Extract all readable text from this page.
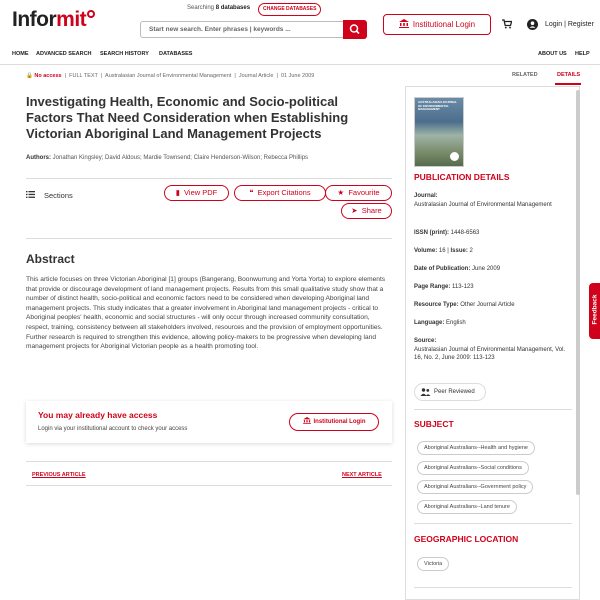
Informit	Searching 8 databases	CHANGE DATABASES
Start new search. Enter phrases | keywords ...
Institutional Login	Login | Register
HOME ADVANCED SEARCH SEARCH HISTORY DATABASES	ABOUT US HELP
🔒 No access  |  FULL TEXT  |  Australasian Journal of Environmental Management  |  Journal Article  |  01 June 2009
Investigating Health, Economic and Socio-political Factors That Need Consideration when Establishing Victorian Aboriginal Land Management Projects
Authors: Jonathan Kingsley; David Aldous; Mardie Townsend; Claire Henderson-Wilson; Rebecca Phillips
Sections	▮ View PDF	❝ Export Citations	★ Favourite
➤ Share
Abstract
This article focuses on three Victorian Aboriginal [1] groups (Bangerang, Boonwurrung and Yorta Yorta) to explore elements that provide or discourage development of land management projects. Results from this small qualitative study show that a number of distinct health, socio-political and economic factors need to be considered when developing Aboriginal land management projects. This study indicates that a greater involvement in Aboriginal land management projects - critical to Aboriginal peoples' health, economic and social structures - will only occur through increased community consultation, respect, training, consistency between all stakeholders involved, resources and the provision of employment opportunities. Further research is required to strengthen this evidence, allowing policy-makers to be progressive when developing land management projects for Aboriginal Victorian people as a health promoting tool.
You may already have access
Login via your institutional account to check your access
Institutional Login
PREVIOUS ARTICLE	NEXT ARTICLE
RELATED	DETAILS
AUSTRALASIAN JOURNAL OF ENVIRONMENTAL MANAGEMENT
PUBLICATION DETAILS
Journal:
Australasian Journal of Environmental Management
ISSN (print): 1448-6563
Volume: 16 | Issue: 2
Date of Publication: June 2009
Page Range: 113-123
Resource Type: Other Journal Article
Language: English
Source:
Australasian Journal of Environmental Management, Vol. 16, No. 2, June 2009: 113-123
Peer Reviewed
SUBJECT
Aboriginal Australians--Health and hygiene
Aboriginal Australians--Social conditions
Aboriginal Australians--Government policy
Aboriginal Australians--Land tenure
GEOGRAPHIC LOCATION
Victoria
Feedback
